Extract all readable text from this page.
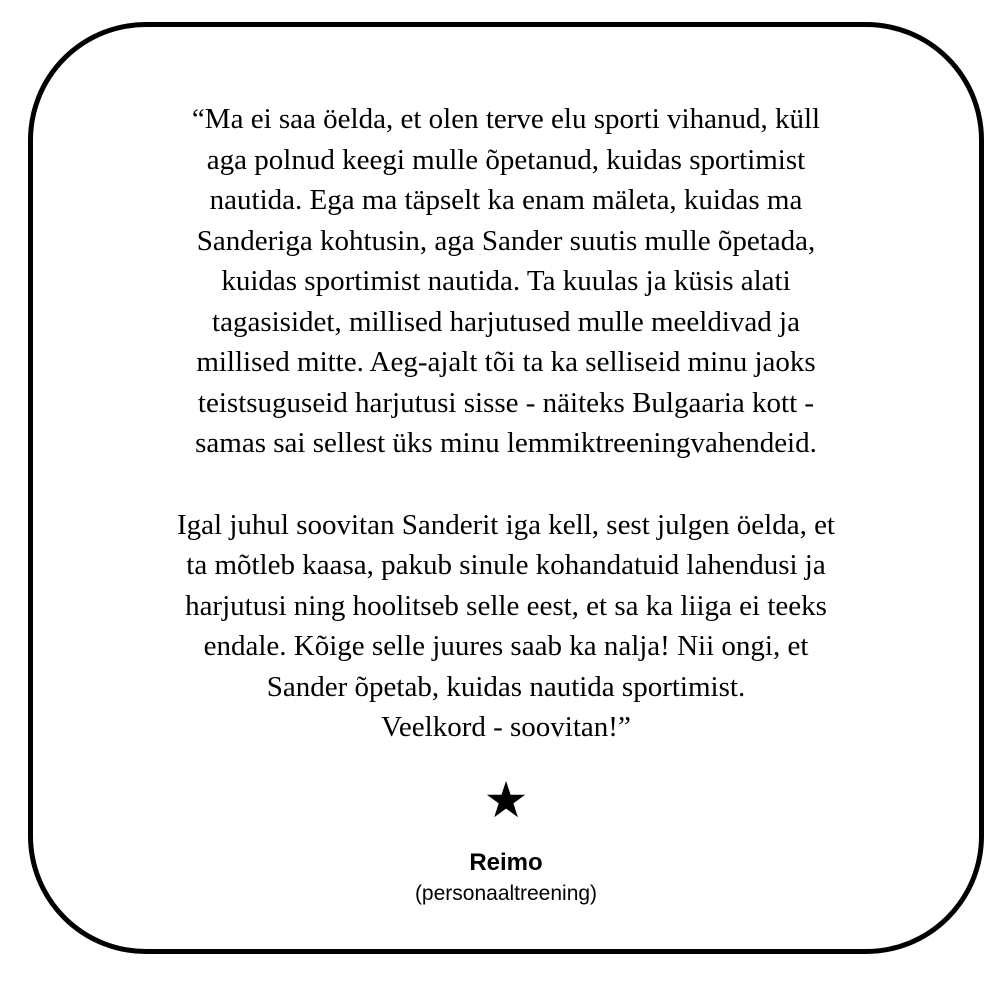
“Ma ei saa öelda, et olen terve elu sporti vihanud, küll
aga polnud keegi mulle õpetanud, kuidas sportimist
nautida. Ega ma täpselt ka enam mäleta, kuidas ma
Sanderiga kohtusin, aga Sander suutis mulle õpetada,
kuidas sportimist nautida. Ta kuulas ja küsis alati
tagasisidet, millised harjutused mulle meeldivad ja
millised mitte. Aeg-ajalt tõi ta ka selliseid minu jaoks
teistsuguseid harjutusi sisse - näiteks Bulgaaria kott -
samas sai sellest üks minu lemmiktreeningvahendeid.

Igal juhul soovitan Sanderit iga kell, sest julgen öelda, et
ta mõtleb kaasa, pakub sinule kohandatuid lahendusi ja
harjutusi ning hoolitseb selle eest, et sa ka liiga ei teeks
endale. Kõige selle juures saab ka nalja! Nii ongi, et
Sander õpetab, kuidas nautida sportimist.
Veelkord - soovitan!”

★
Reimo
(personaaltreening)
